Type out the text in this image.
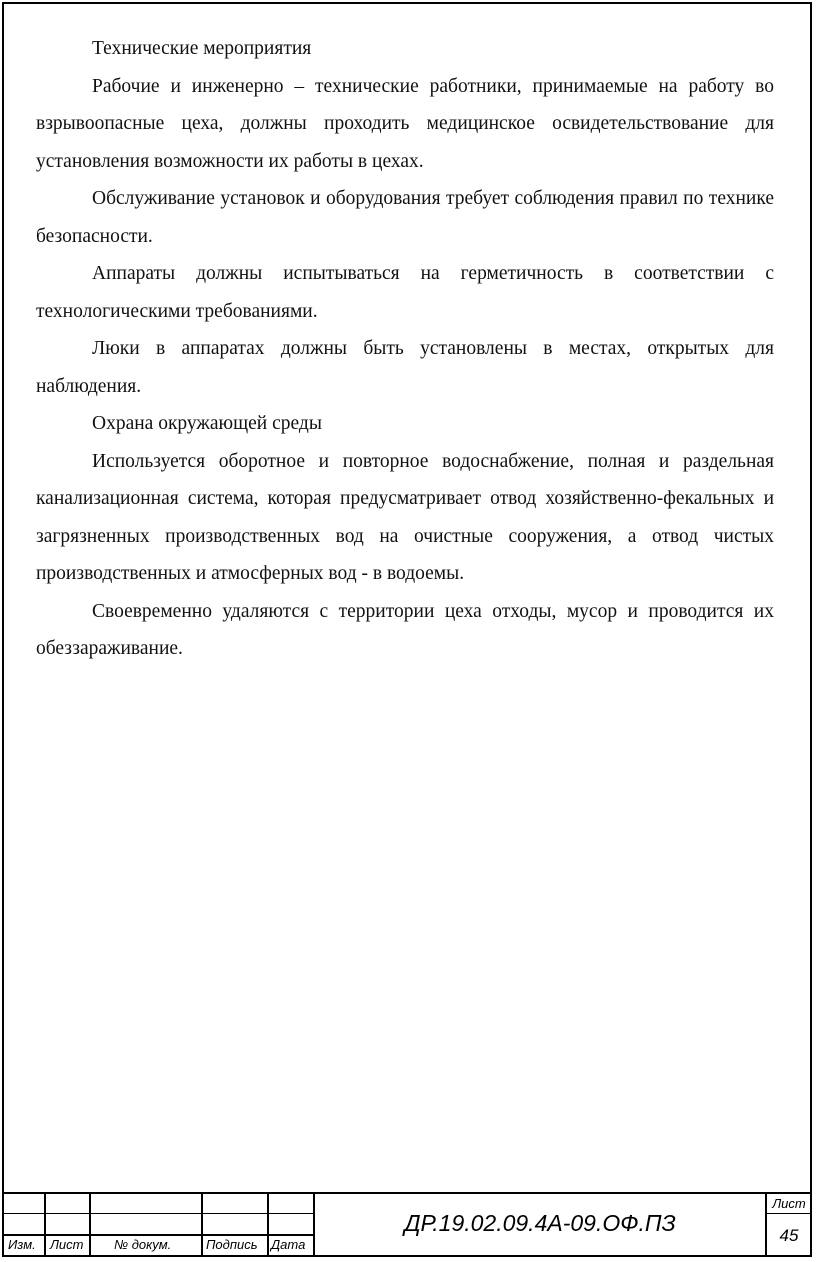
Технические мероприятия

Рабочие и инженерно – технические работники, принимаемые на работу во взрывоопасные цеха, должны проходить медицинское освидетельствование для установления возможности их работы в цехах.

Обслуживание установок и оборудования требует соблюдения правил по технике безопасности.

Аппараты должны испытываться на герметичность в соответствии с технологическими требованиями.

Люки в аппаратах должны быть установлены в местах, открытых для наблюдения.

Охрана окружающей среды

Используется оборотное и повторное водоснабжение, полная и раздельная канализационная система, которая предусматривает отвод хозяйственно-фекальных и загрязненных производственных вод на очистные сооружения, а отвод чистых производственных и атмосферных вод - в водоемы.

Своевременно удаляются с территории цеха отходы, мусор и проводится их обеззараживание.

Изм. Лист № докум.	Подпись Дата
ДР.19.02.09.4А-09.ОФ.ПЗ
Лист
45
